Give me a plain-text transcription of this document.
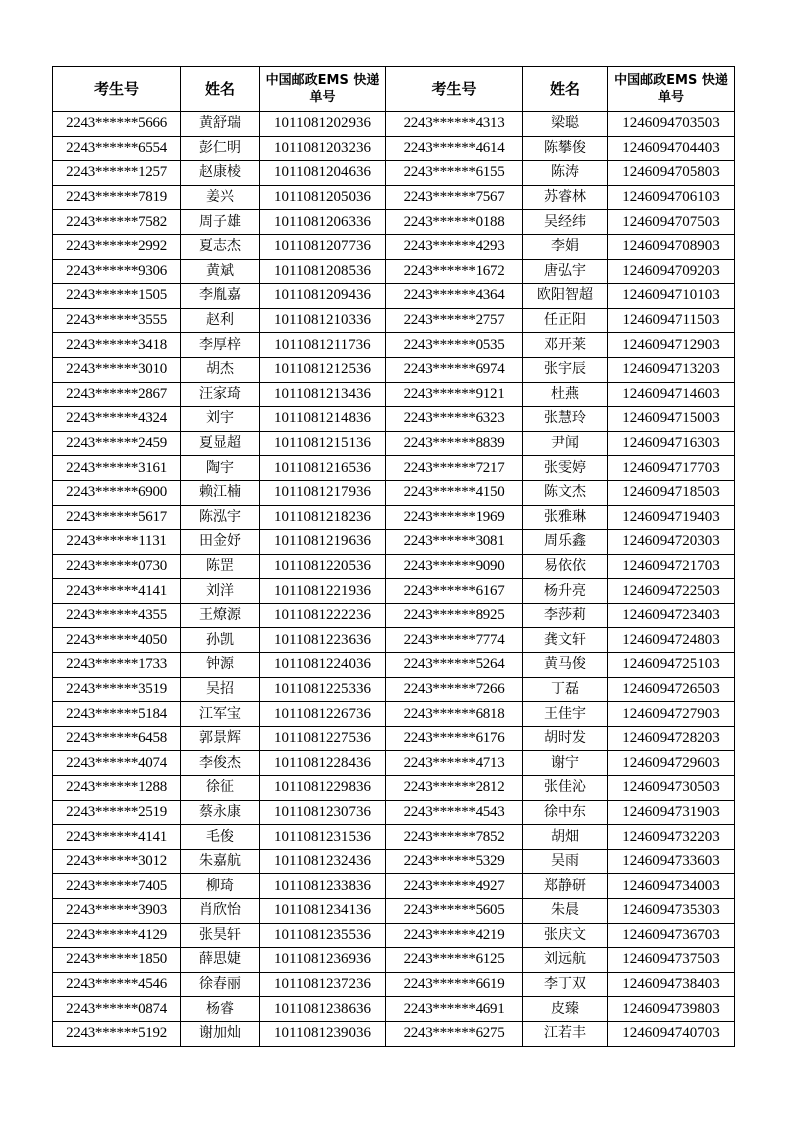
考生号	姓名	中国邮政EMS 快递单号	考生号	姓名	中国邮政EMS 快递单号
2243******5666	黄舒瑞	1011081202936	2243******4313	梁聪	1246094703503
2243******6554	彭仁明	1011081203236	2243******4614	陈攀俊	1246094704403
2243******1257	赵康棱	1011081204636	2243******6155	陈涛	1246094705803
2243******7819	姜兴	1011081205036	2243******7567	苏睿林	1246094706103
2243******7582	周子雄	1011081206336	2243******0188	吴经纬	1246094707503
2243******2992	夏志杰	1011081207736	2243******4293	李娟	1246094708903
2243******9306	黄斌	1011081208536	2243******1672	唐弘宇	1246094709203
2243******1505	李胤嘉	1011081209436	2243******4364	欧阳智超	1246094710103
2243******3555	赵利	1011081210336	2243******2757	任正阳	1246094711503
2243******3418	李厚梓	1011081211736	2243******0535	邓开莱	1246094712903
2243******3010	胡杰	1011081212536	2243******6974	张宇辰	1246094713203
2243******2867	汪家琦	1011081213436	2243******9121	杜燕	1246094714603
2243******4324	刘宇	1011081214836	2243******6323	张慧玲	1246094715003
2243******2459	夏显超	1011081215136	2243******8839	尹闻	1246094716303
2243******3161	陶宇	1011081216536	2243******7217	张雯婷	1246094717703
2243******6900	赖江楠	1011081217936	2243******4150	陈文杰	1246094718503
2243******5617	陈泓宇	1011081218236	2243******1969	张雅琳	1246094719403
2243******1131	田金妤	1011081219636	2243******3081	周乐鑫	1246094720303
2243******0730	陈罡	1011081220536	2243******9090	易依依	1246094721703
2243******4141	刘洋	1011081221936	2243******6167	杨升亮	1246094722503
2243******4355	王燎源	1011081222236	2243******8925	李莎莉	1246094723403
2243******4050	孙凯	1011081223636	2243******7774	龚文轩	1246094724803
2243******1733	钟源	1011081224036	2243******5264	黄马俊	1246094725103
2243******3519	吴招	1011081225336	2243******7266	丁磊	1246094726503
2243******5184	江军宝	1011081226736	2243******6818	王佳宇	1246094727903
2243******6458	郭景辉	1011081227536	2243******6176	胡时发	1246094728203
2243******4074	李俊杰	1011081228436	2243******4713	谢宁	1246094729603
2243******1288	徐征	1011081229836	2243******2812	张佳沁	1246094730503
2243******2519	蔡永康	1011081230736	2243******4543	徐中东	1246094731903
2243******4141	毛俊	1011081231536	2243******7852	胡畑	1246094732203
2243******3012	朱嘉航	1011081232436	2243******5329	吴雨	1246094733603
2243******7405	柳琦	1011081233836	2243******4927	郑静研	1246094734003
2243******3903	肖欣怡	1011081234136	2243******5605	朱晨	1246094735303
2243******4129	张昊轩	1011081235536	2243******4219	张庆文	1246094736703
2243******1850	薛思婕	1011081236936	2243******6125	刘远航	1246094737503
2243******4546	徐春丽	1011081237236	2243******6619	李丁双	1246094738403
2243******0874	杨睿	1011081238636	2243******4691	皮臻	1246094739803
2243******5192	谢加灿	1011081239036	2243******6275	江若丰	1246094740703
